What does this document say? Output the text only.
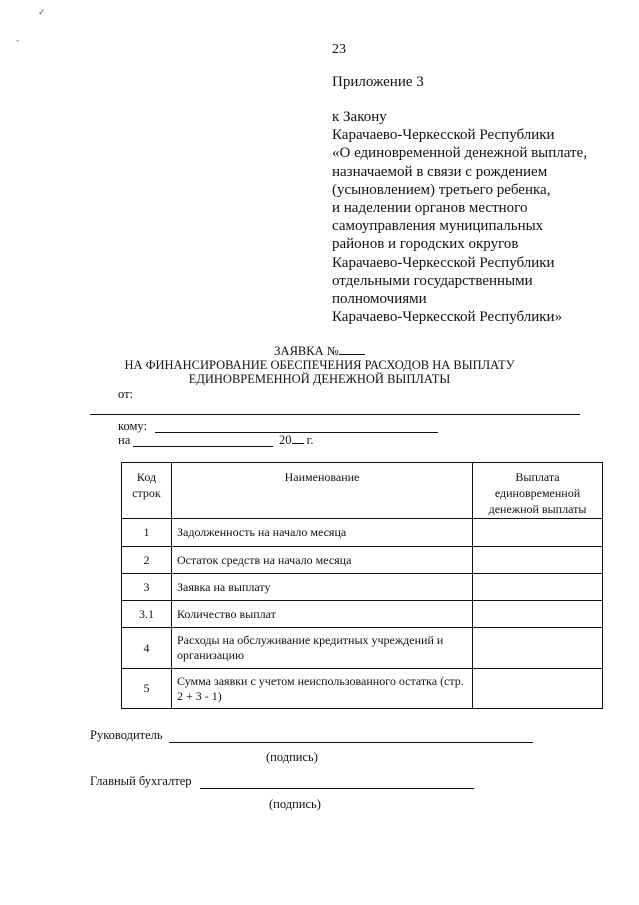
✓
-
23
Приложение 3
к Закону
Карачаево-Черкесской Республики
«О единовременной денежной выплате,
назначаемой в связи с рождением
(усыновлением) третьего ребенка,
и наделении органов местного
самоуправления муниципальных
районов и городских округов
Карачаево-Черкесской Республики
отдельными государственными
полномочиями
Карачаево-Черкесской Республики»
ЗАЯВКА №
НА ФИНАНСИРОВАНИЕ ОБЕСПЕЧЕНИЯ РАСХОДОВ НА ВЫПЛАТУ
ЕДИНОВРЕМЕННОЙ ДЕНЕЖНОЙ ВЫПЛАТЫ
от:
кому:
на	20 г.
Код строк	Наименование	Выплата единовременной денежной выплаты
1	Задолженность на начало месяца	
2	Остаток средств на начало месяца	
3	Заявка на выплату	
3.1	Количество выплат	
4	Расходы на обслуживание кредитных учреждений и организацию	
5	Сумма заявки с учетом неиспользованного остатка (стр. 2 + 3 - 1)	
Руководитель
(подпись)
Главный бухгалтер
(подпись)
